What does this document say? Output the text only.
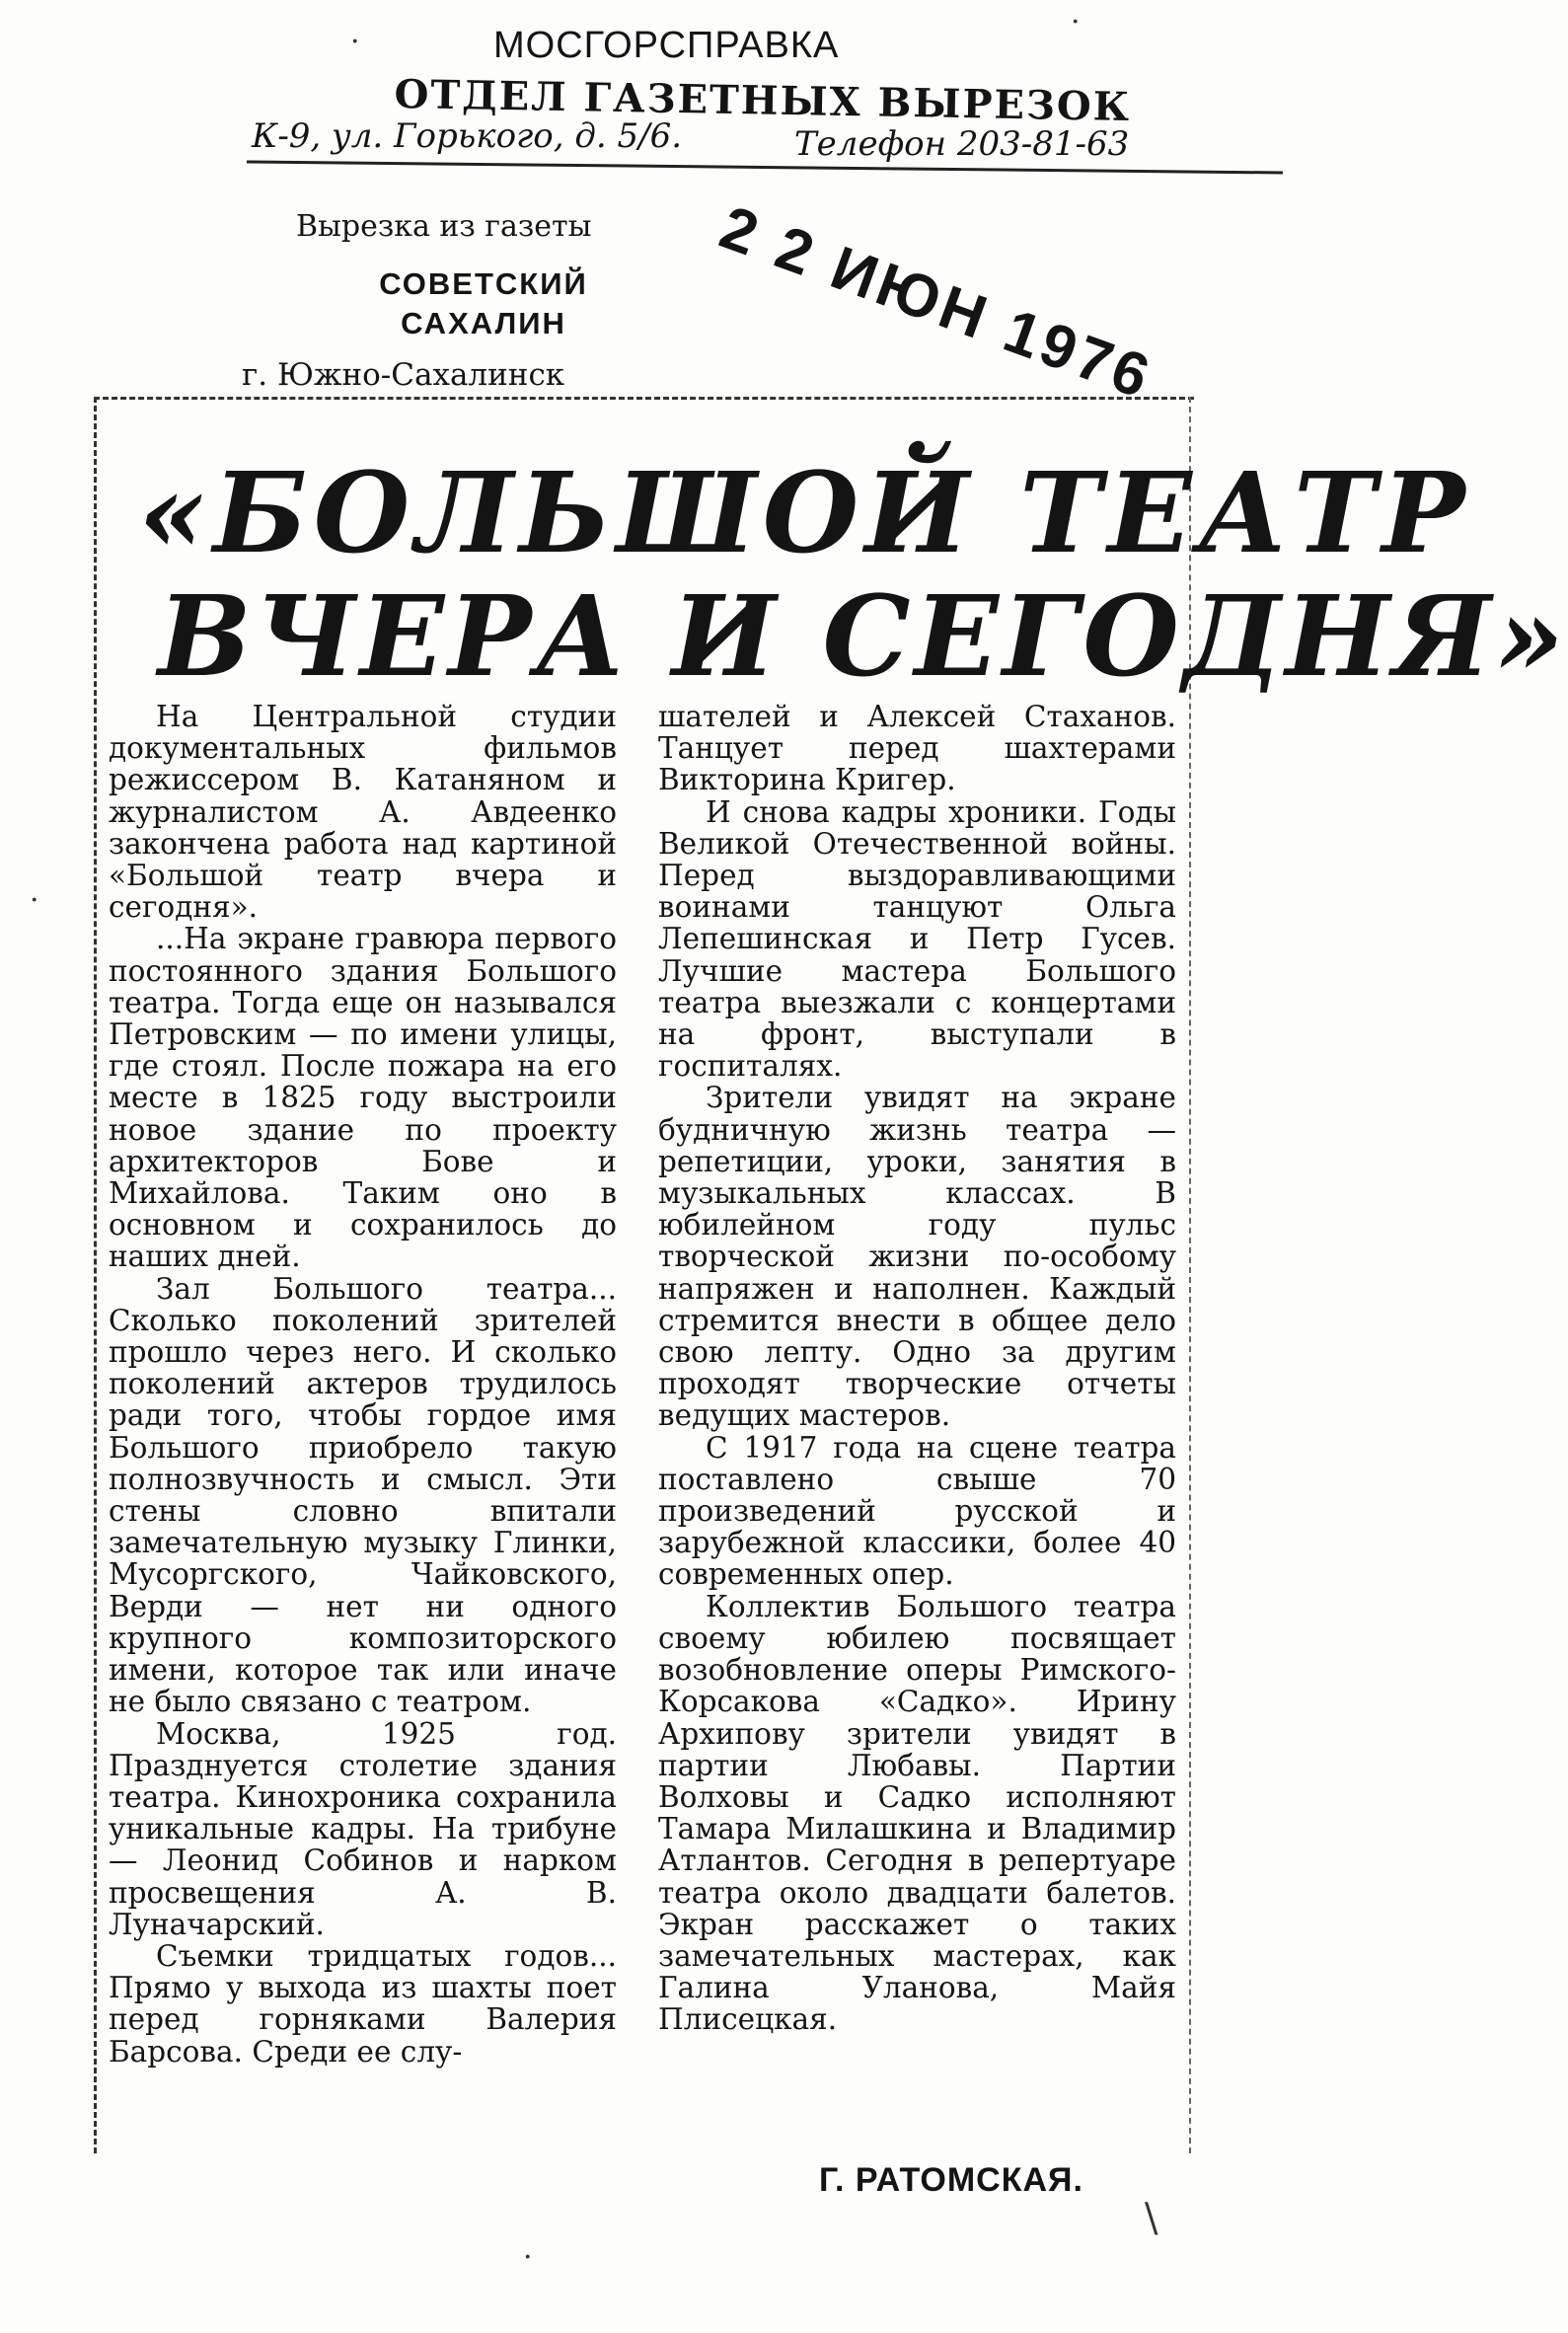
МОСГОРСПРАВКА
ОТДЕЛ ГАЗЕТНЫХ ВЫРЕЗОК
К-9, ул. Горького, д. 5/6.	Телефон 203-81-63
Вырезка из газеты
СОВЕТСКИЙ САХАЛИН
г. Южно-Сахалинск 2 2 ИЮН 1976
«БОЛЬШОЙ ТЕАТР
ВЧЕРА И СЕГОДНЯ»

На Центральной студии документальных фильмов режиссером В. Катаняном и журналистом А. Авдеенко закончена работа над картиной «Большой театр вчера и сегодня».

...На экране гравюра первого постоянного здания Большого театра. Тогда еще он назывался Петровским — по имени улицы, где стоял. После пожара на его месте в 1825 году выстроили новое здание по проекту архитекторов Бове и Михайлова. Таким оно в основном и сохранилось до наших дней.

Зал Большого театра... Сколько поколений зрителей прошло через него. И сколько поколений актеров трудилось ради того, чтобы гордое имя Большого приобрело такую полнозвучность и смысл. Эти стены словно впитали замечательную музыку Глинки, Мусоргского, Чайковского, Верди — нет ни одного крупного композиторского имени, которое так или иначе не было связано с театром.

Москва, 1925 год. Празднуется столетие здания театра. Кинохроника сохранила уникальные кадры. На трибуне — Леонид Собинов и нарком просвещения А. В. Луначарский.

Съемки тридцатых годов... Прямо у выхода из шахты поет перед горняками Валерия Барсова. Среди ее слу-

шателей и Алексей Стаханов. Танцует перед шахтерами Викторина Кригер.

И снова кадры хроники. Годы Великой Отечественной войны. Перед выздоравливающими воинами танцуют Ольга Лепешинская и Петр Гусев. Лучшие мастера Большого театра выезжали с концертами на фронт, выступали в госпиталях.

Зрители увидят на экране будничную жизнь театра — репетиции, уроки, занятия в музыкальных классах. В юбилейном году пульс творческой жизни по-особому напряжен и наполнен. Каждый стремится внести в общее дело свою лепту. Одно за другим проходят творческие отчеты ведущих мастеров.

С 1917 года на сцене театра поставлено свыше 70 произведений русской и зарубежной классики, более 40 современных опер.

Коллектив Большого театра своему юбилею посвящает возобновление оперы Римского-Корсакова «Садко». Ирину Архипову зрители увидят в партии Любавы. Партии Волховы и Садко исполняют Тамара Милашкина и Владимир Атлантов. Сегодня в репертуаре театра около двадцати балетов. Экран расскажет о таких замечательных мастерах, как Галина Уланова, Майя Плисецкая.

Г. РАТОМСКАЯ.
·
·
\
·
·
